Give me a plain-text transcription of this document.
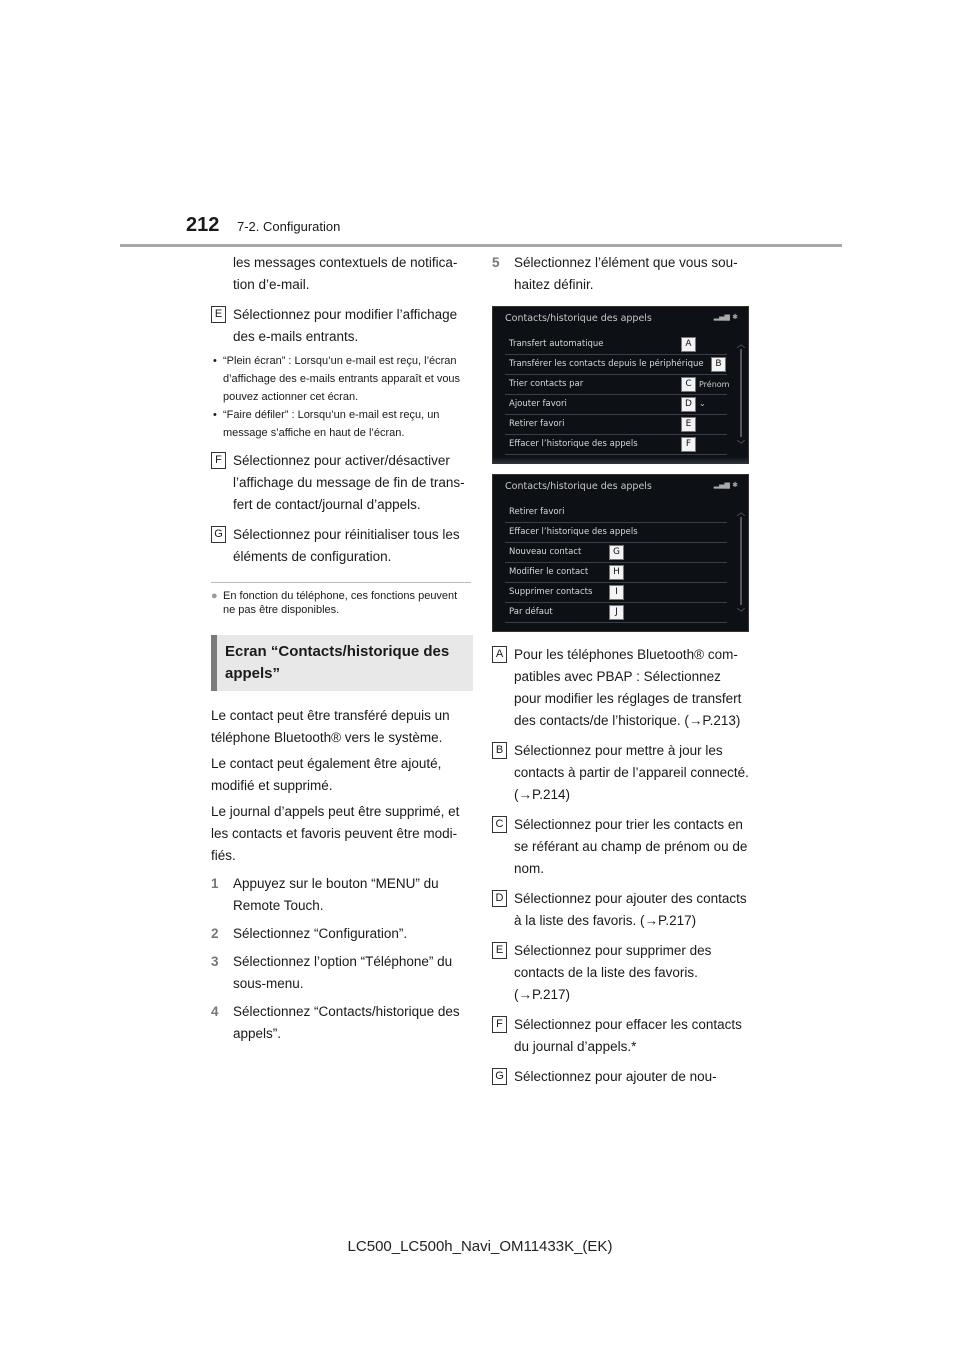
212 7-2. Configuration

les messages contextuels de notifica-tion d’e-mail.

E Sélectionnez pour modifier l’affichage des e-mails entrants.

• “Plein écran” : Lorsqu’un e-mail est reçu, l’écran d’affichage des e-mails entrants apparaît et vous pouvez actionner cet écran.
• “Faire défiler” : Lorsqu’un e-mail est reçu, un message s’affiche en haut de l’écran.
F Sélectionnez pour activer/désactiver l’affichage du message de fin de trans-fert de contact/journal d’appels.

G Sélectionnez pour réinitialiser tous les éléments de configuration.

● En fonction du téléphone, ces fonctions peuvent ne pas être disponibles.
Ecran “Contacts/historique des appels”

Le contact peut être transféré depuis un téléphone Bluetooth® vers le système.

Le contact peut également être ajouté, modifié et supprimé.

Le journal d’appels peut être supprimé, et les contacts et favoris peuvent être modi-fiés.

1 Appuyez sur le bouton “MENU” du Remote Touch.
2 Sélectionnez “Configuration”.
3 Sélectionnez l’option “Téléphone” du sous-menu.
4 Sélectionnez “Contacts/historique des appels”.
5 Sélectionnez l’élément que vous sou-haitez définir.
Contacts/historique des appels	▂▄▆ ✱
Transfert automatique	A
Transférer les contacts depuis le périphérique	B
Trier contacts par	C Prénom ⌄
Ajouter favori	D
Retirer favori	E
Effacer l’historique des appels	F
︿
﹀
Contacts/historique des appels	▂▄▆ ✱
Retirer favori
Effacer l’historique des appels
Nouveau contact	G
Modifier le contact	H
Supprimer contacts	I
Par défaut	J
︿
﹀
A Pour les téléphones Bluetooth® com-patibles avec PBAP : Sélectionnez pour modifier les réglages de transfert des contacts/de l’historique. (→P.213)

B Sélectionnez pour mettre à jour les contacts à partir de l’appareil connecté. (→P.214)

C Sélectionnez pour trier les contacts en se référant au champ de prénom ou de nom.

D Sélectionnez pour ajouter des contacts à la liste des favoris. (→P.217)

E Sélectionnez pour supprimer des contacts de la liste des favoris. (→P.217)

F Sélectionnez pour effacer les contacts du journal d’appels.*

G Sélectionnez pour ajouter de nou-

LC500_LC500h_Navi_OM11433K_(EK)
